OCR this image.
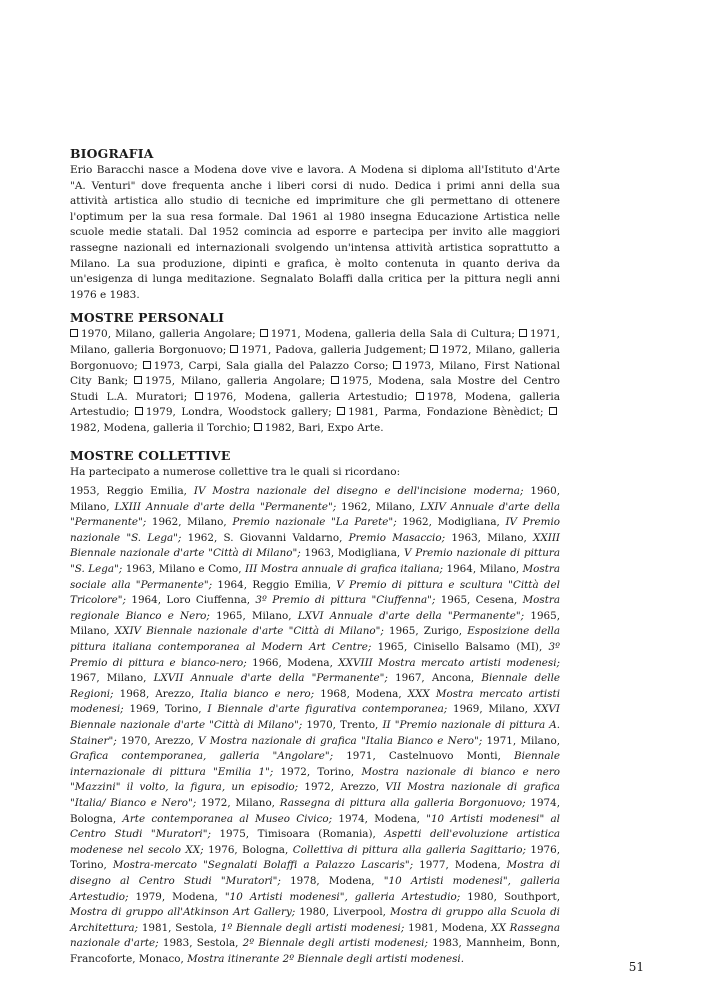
BIOGRAFIA

Erio Baracchi nasce a Modena dove vive e lavora. A Modena si diploma all'Istituto d'Arte "A. Venturi" dove frequenta anche i liberi corsi di nudo. Dedica i primi anni della sua attività artistica allo studio di tecniche ed imprimiture che gli permettano di ottenere l'optimum per la sua resa formale. Dal 1961 al 1980 insegna Educazione Artistica nelle scuole medie statali. Dal 1952 comincia ad esporre e partecipa per invito alle maggiori rassegne nazionali ed internazionali svolgendo un'intensa attività artistica soprattutto a Milano. La sua produzione, dipinti e grafica, è molto contenuta in quanto deriva da un'esigenza di lunga meditazione. Segnalato Bolaffi dalla critica per la pittura negli anni 1976 e 1983.

MOSTRE PERSONALI

1970, Milano, galleria Angolare; 1971, Modena, galleria della Sala di Cultura; 1971, Milano, galleria Borgonuovo; 1971, Padova, galleria Judgement; 1972, Milano, galleria Borgonuovo; 1973, Carpi, Sala gialla del Palazzo Corso; 1973, Milano, First National City Bank; 1975, Milano, galleria Angolare; 1975, Modena, sala Mostre del Centro Studi L.A. Muratori; 1976, Modena, galleria Artestudio; 1978, Modena, galleria Artestudio; 1979, Londra, Woodstock gallery; 1981, Parma, Fondazione Bènèdict; 1982, Modena, galleria il Torchio; 1982, Bari, Expo Arte.

MOSTRE COLLETTIVE

Ha partecipato a numerose collettive tra le quali si ricordano:

1953, Reggio Emilia, IV Mostra nazionale del disegno e dell'incisione moderna; 1960, Milano, LXIII Annuale d'arte della "Permanente"; 1962, Milano, LXIV Annuale d'arte della "Permanente"; 1962, Milano, Premio nazionale "La Parete"; 1962, Modigliana, IV Premio nazionale "S. Lega"; 1962, S. Giovanni Valdarno, Premio Masaccio; 1963, Milano, XXIII Biennale nazionale d'arte "Città di Milano"; 1963, Modigliana, V Premio nazionale di pittura "S. Lega"; 1963, Milano e Como, III Mostra annuale di grafica italiana; 1964, Milano, Mostra sociale alla "Permanente"; 1964, Reggio Emilia, V Premio di pittura e scultura "Città del Tricolore"; 1964, Loro Ciuffenna, 3º Premio di pittura "Ciuffenna"; 1965, Cesena, Mostra regionale Bianco e Nero; 1965, Milano, LXVI Annuale d'arte della "Permanente"; 1965, Milano, XXIV Biennale nazionale d'arte "Città di Milano"; 1965, Zurigo, Esposizione della pittura italiana contemporanea al Modern Art Centre; 1965, Cinisello Balsamo (MI), 3º Premio di pittura e bianco-nero; 1966, Modena, XXVIII Mostra mercato artisti modenesi; 1967, Milano, LXVII Annuale d'arte della "Permanente"; 1967, Ancona, Biennale delle Regioni; 1968, Arezzo, Italia bianco e nero; 1968, Modena, XXX Mostra mercato artisti modenesi; 1969, Torino, I Biennale d'arte figurativa contemporanea; 1969, Milano, XXVI Biennale nazionale d'arte "Città di Milano"; 1970, Trento, II "Premio nazionale di pittura A. Stainer"; 1970, Arezzo, V Mostra nazionale di grafica "Italia Bianco e Nero"; 1971, Milano, Grafica contemporanea, galleria "Angolare"; 1971, Castelnuovo Monti, Biennale internazionale di pittura "Emilia 1"; 1972, Torino, Mostra nazionale di bianco e nero "Mazzini" il volto, la figura, un episodio; 1972, Arezzo, VII Mostra nazionale di grafica "Italia/ Bianco e Nero"; 1972, Milano, Rassegna di pittura alla galleria Borgonuovo; 1974, Bologna, Arte contemporanea al Museo Civico; 1974, Modena, "10 Artisti modenesi" al Centro Studi "Muratori"; 1975, Timisoara (Romania), Aspetti dell'evoluzione artistica modenese nel secolo XX; 1976, Bologna, Collettiva di pittura alla galleria Sagittario; 1976, Torino, Mostra-mercato "Segnalati Bolaffi a Palazzo Lascaris"; 1977, Modena, Mostra di disegno al Centro Studi "Muratori"; 1978, Modena, "10 Artisti modenesi", galleria Artestudio; 1979, Modena, "10 Artisti modenesi", galleria Artestudio; 1980, Southport, Mostra di gruppo all'Atkinson Art Gallery; 1980, Liverpool, Mostra di gruppo alla Scuola di Architettura; 1981, Sestola, 1º Biennale degli artisti modenesi; 1981, Modena, XX Rassegna nazionale d'arte; 1983, Sestola, 2º Biennale degli artisti modenesi; 1983, Mannheim, Bonn, Francoforte, Monaco, Mostra itinerante 2º Biennale degli artisti modenesi.

51
